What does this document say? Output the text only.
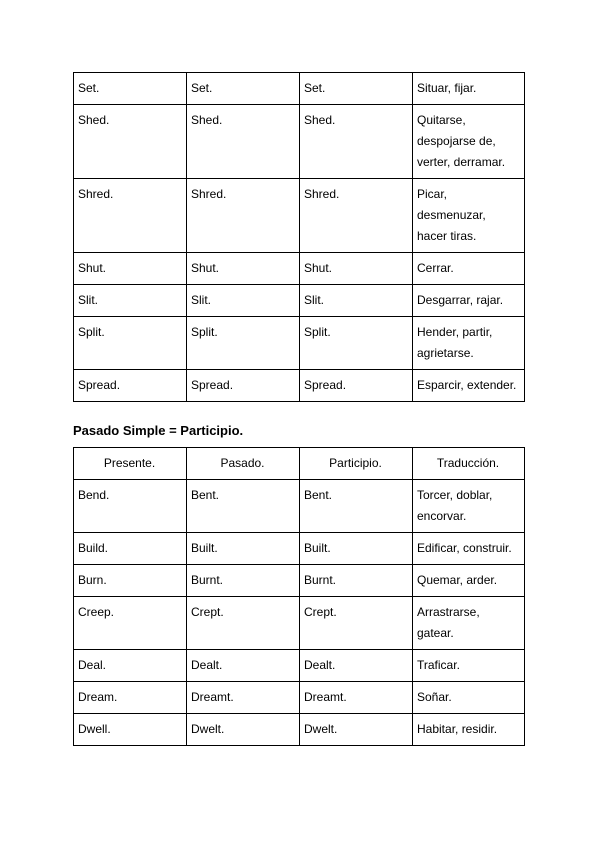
Set.	Set.	Set.	Situar, fijar.
Shed.	Shed.	Shed.	Quitarse, despojarse de, verter, derramar.
Shred.	Shred.	Shred.	Picar, desmenuzar, hacer tiras.
Shut.	Shut.	Shut.	Cerrar.
Slit.	Slit.	Slit.	Desgarrar, rajar.
Split.	Split.	Split.	Hender, partir, agrietarse.
Spread.	Spread.	Spread.	Esparcir, extender.
Pasado Simple = Participio.
Presente.	Pasado.	Participio.	Traducción.
Bend.	Bent.	Bent.	Torcer, doblar, encorvar.
Build.	Built.	Built.	Edificar, construir.
Burn.	Burnt.	Burnt.	Quemar, arder.
Creep.	Crept.	Crept.	Arrastrarse, gatear.
Deal.	Dealt.	Dealt.	Traficar.
Dream.	Dreamt.	Dreamt.	Soñar.
Dwell.	Dwelt.	Dwelt.	Habitar, residir.
